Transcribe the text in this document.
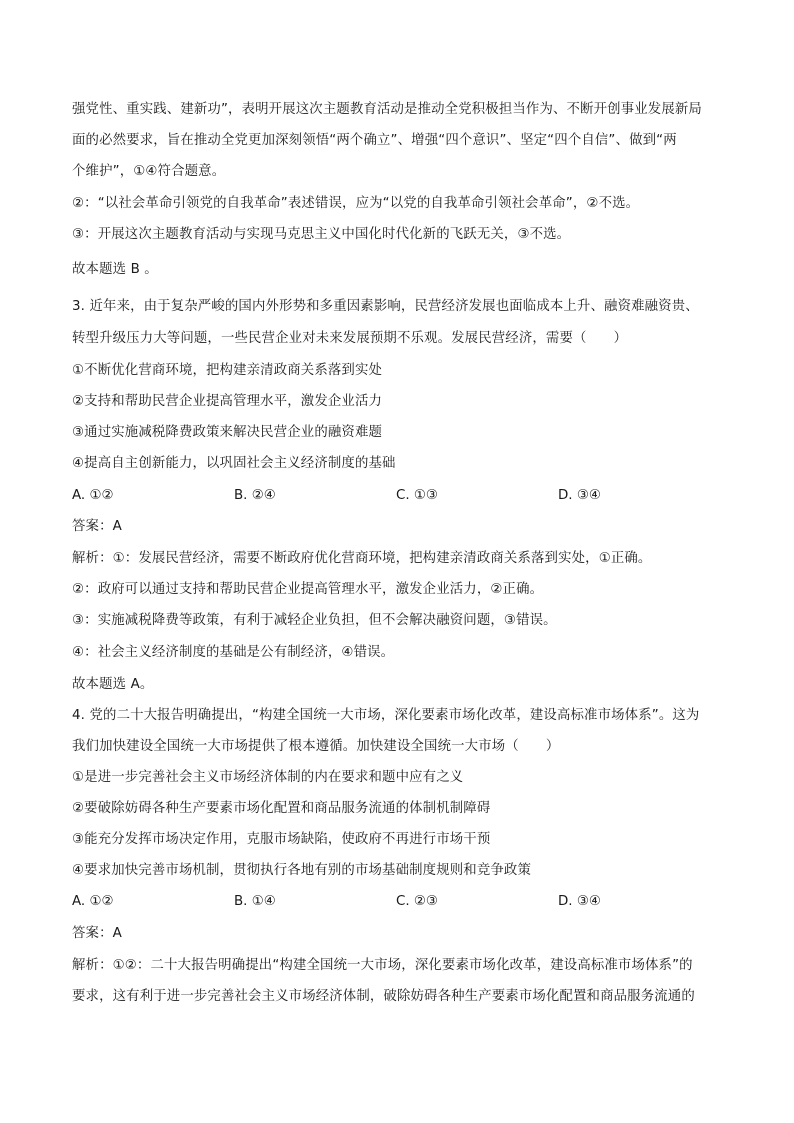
强党性、重实践、建新功”，表明开展这次主题教育活动是推动全党积极担当作为、不断开创事业发展新局
面的必然要求，旨在推动全党更加深刻领悟“两个确立”、增强“四个意识”、坚定“四个自信”、做到“两
个维护”，①④符合题意。
②：“以社会革命引领党的自我革命”表述错误，应为“以党的自我革命引领社会革命”，②不选。
③：开展这次主题教育活动与实现马克思主义中国化时代化新的飞跃无关，③不选。
故本题选 B 。
3. 近年来，由于复杂严峻的国内外形势和多重因素影响，民营经济发展也面临成本上升、融资难融资贵、
转型升级压力大等问题，一些民营企业对未来发展预期不乐观。发展民营经济，需要（　　）
①不断优化营商环境，把构建亲清政商关系落到实处
②支持和帮助民营企业提高管理水平，激发企业活力
③通过实施减税降费政策来解决民营企业的融资难题
④提高自主创新能力，以巩固社会主义经济制度的基础
A. ①②	B. ②④	C. ①③	D. ③④
答案：A
解析：①：发展民营经济，需要不断政府优化营商环境，把构建亲清政商关系落到实处，①正确。
②：政府可以通过支持和帮助民营企业提高管理水平，激发企业活力，②正确。
③：实施减税降费等政策，有利于减轻企业负担，但不会解决融资问题，③错误。
④：社会主义经济制度的基础是公有制经济，④错误。
故本题选 A。
4. 党的二十大报告明确提出，“构建全国统一大市场，深化要素市场化改革，建设高标准市场体系”。这为
我们加快建设全国统一大市场提供了根本遵循。加快建设全国统一大市场（　　）
①是进一步完善社会主义市场经济体制的内在要求和题中应有之义
②要破除妨碍各种生产要素市场化配置和商品服务流通的体制机制障碍
③能充分发挥市场决定作用，克服市场缺陷，使政府不再进行市场干预
④要求加快完善市场机制，贯彻执行各地有别的市场基础制度规则和竞争政策
A. ①②	B. ①④	C. ②③	D. ③④
答案：A
解析：①②：二十大报告明确提出“构建全国统一大市场，深化要素市场化改革，建设高标准市场体系”的
要求，这有利于进一步完善社会主义市场经济体制，破除妨碍各种生产要素市场化配置和商品服务流通的
